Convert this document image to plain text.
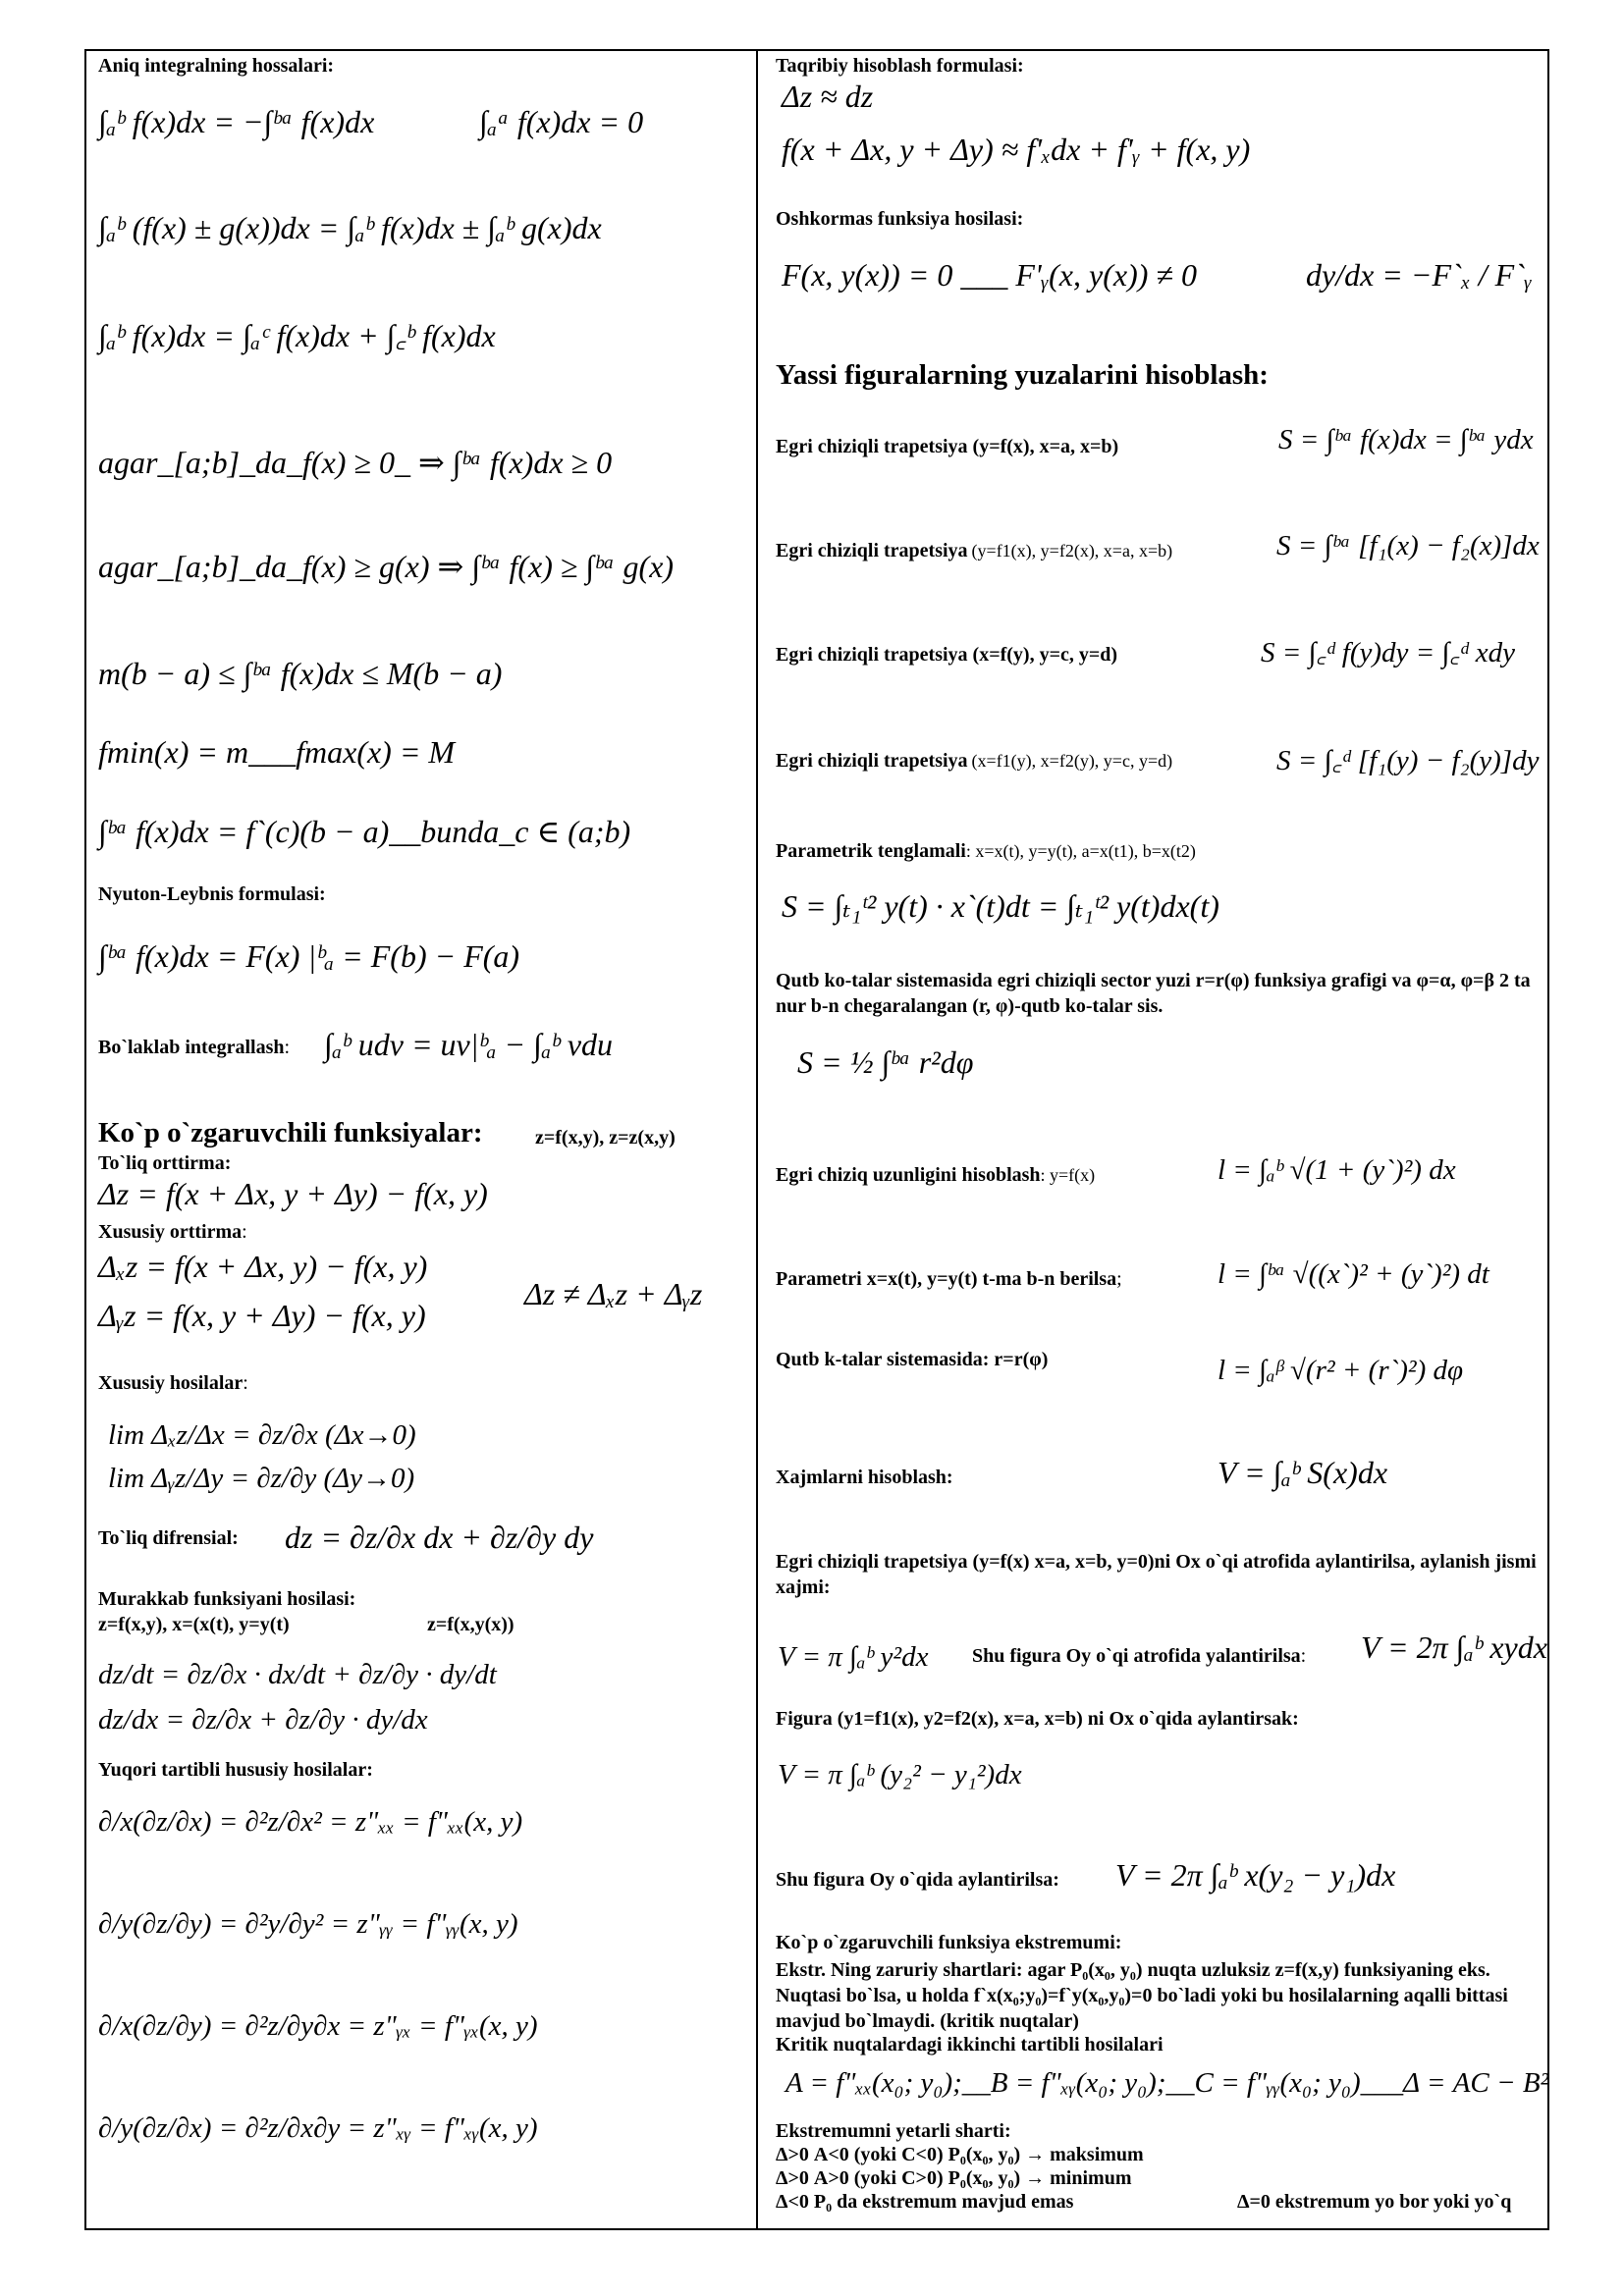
Aniq integralning hossalari:
∫ₐᵇ f(x)dx = −∫ᵇᵃ f(x)dx	∫ₐᵃ f(x)dx = 0
∫ₐᵇ (f(x) ± g(x))dx = ∫ₐᵇ f(x)dx ± ∫ₐᵇ g(x)dx
∫ₐᵇ f(x)dx = ∫ₐᶜ f(x)dx + ∫꜀ᵇ f(x)dx
agar_[a;b]_da_f(x) ≥ 0_ ⇒ ∫ᵇᵃ f(x)dx ≥ 0
agar_[a;b]_da_f(x) ≥ g(x) ⇒ ∫ᵇᵃ f(x) ≥ ∫ᵇᵃ g(x)
m(b − a) ≤ ∫ᵇᵃ f(x)dx ≤ M(b − a)
fmin(x) = m___fmax(x) = M
∫ᵇᵃ f(x)dx = f`(c)(b − a)__bunda_c ∈ (a;b)
Nyuton-Leybnis formulasi:
∫ᵇᵃ f(x)dx = F(x) |ᵇₐ = F(b) − F(a)
Bo`laklab integrallash: ∫ₐᵇ udv = uv|ᵇₐ − ∫ₐᵇ vdu
Ko`p o`zgaruvchili funksiyalar:	z=f(x,y), z=z(x,y)
To`liq orttirma:
Δz = f(x + Δx, y + Δy) − f(x, y)
Xususiy orttirma:
Δₓz = f(x + Δx, y) − f(x, y)
Δᵧz = f(x, y + Δy) − f(x, y)
Δz ≠ Δₓz + Δᵧz
Xususiy hosilalar:
lim Δₓz/Δx = ∂z/∂x (Δx→0)
lim Δᵧz/Δy = ∂z/∂y (Δy→0)
To`liq difrensial: dz = ∂z/∂x dx + ∂z/∂y dy
Murakkab funksiyani hosilasi:
z=f(x,y), x=(x(t), y=y(t)	z=f(x,y(x))
dz/dt = ∂z/∂x · dx/dt + ∂z/∂y · dy/dt
dz/dx = ∂z/∂x + ∂z/∂y · dy/dx
Yuqori tartibli hususiy hosilalar:
∂/x(∂z/∂x) = ∂²z/∂x² = z"ₓₓ = f"ₓₓ(x, y)
∂/y(∂z/∂y) = ∂²y/∂y² = z"ᵧᵧ = f"ᵧᵧ(x, y)
∂/x(∂z/∂y) = ∂²z/∂y∂x = z"ᵧₓ = f"ᵧₓ(x, y)
∂/y(∂z/∂x) = ∂²z/∂x∂y = z"ₓᵧ = f"ₓᵧ(x, y)
Taqribiy hisoblash formulasi:
Δz ≈ dz
f(x + Δx, y + Δy) ≈ f'ₓdx + f'ᵧ + f(x, y)
Oshkormas funksiya hosilasi:
F(x, y(x)) = 0 ___ F'ᵧ(x, y(x)) ≠ 0	dy/dx = −F`ₓ / F`ᵧ
Yassi figuralarning yuzalarini hisoblash:
Egri chiziqli trapetsiya (y=f(x), x=a, x=b)	S = ∫ᵇᵃ f(x)dx = ∫ᵇᵃ ydx
Egri chiziqli trapetsiya (y=f1(x), y=f2(x), x=a, x=b)	S = ∫ᵇᵃ [f₁(x) − f₂(x)]dx
Egri chiziqli trapetsiya (x=f(y), y=c, y=d)	S = ∫꜀ᵈ f(y)dy = ∫꜀ᵈ xdy
Egri chiziqli trapetsiya (x=f1(y), x=f2(y), y=c, y=d)	S = ∫꜀ᵈ [f₁(y) − f₂(y)]dy
Parametrik tenglamali: x=x(t), y=y(t), a=x(t1), b=x(t2)
S = ∫ₜ₁ᵗ² y(t) · x`(t)dt = ∫ₜ₁ᵗ² y(t)dx(t)
Qutb ko-talar sistemasida egri chiziqli sector yuzi r=r(φ) funksiya grafigi va φ=α, φ=β 2 ta nur b-n chegaralangan (r, φ)-qutb ko-talar sis.
S = ½ ∫ᵇᵃ r²dφ
Egri chiziq uzunligini hisoblash: y=f(x)	l = ∫ₐᵇ √(1 + (y`)²) dx
Parametri x=x(t), y=y(t) t-ma b-n berilsa;	l = ∫ᵇᵃ √((x`)² + (y`)²) dt
Qutb k-talar sistemasida: r=r(φ)	l = ∫ₐᵝ √(r² + (r`)²) dφ
Xajmlarni hisoblash:	V = ∫ₐᵇ S(x)dx
Egri chiziqli trapetsiya (y=f(x) x=a, x=b, y=0)ni Ox o`qi atrofida aylantirilsa, aylanish jismi xajmi:
V = π ∫ₐᵇ y²dx Shu figura Oy o`qi atrofida yalantirilsa: V = 2π ∫ₐᵇ xydx
Figura (y1=f1(x), y2=f2(x), x=a, x=b) ni Ox o`qida aylantirsak:
V = π ∫ₐᵇ (y₂² − y₁²)dx
Shu figura Oy o`qida aylantirilsa: V = 2π ∫ₐᵇ x(y₂ − y₁)dx
Ko`p o`zgaruvchili funksiya ekstremumi:
Ekstr. Ning zaruriy shartlari: agar P₀(x₀, y₀) nuqta uzluksiz z=f(x,y) funksiyaning eks. Nuqtasi bo`lsa, u holda f`x(x₀;y₀)=f`y(x₀,y₀)=0 bo`ladi yoki bu hosilalarning aqalli bittasi mavjud bo`lmaydi. (kritik nuqtalar)
Kritik nuqtalardagi ikkinchi tartibli hosilalari
A = f"ₓₓ(x₀; y₀);__B = f"ₓᵧ(x₀; y₀);__C = f"ᵧᵧ(x₀; y₀)___Δ = AC − B²
Ekstremumni yetarli sharti:
Δ>0 A<0 (yoki C<0) P₀(x₀, y₀) → maksimum
Δ>0 A>0 (yoki C>0) P₀(x₀, y₀) → minimum
Δ<0 P₀ da ekstremum mavjud emas	Δ=0 ekstremum yo bor yoki yo`q
